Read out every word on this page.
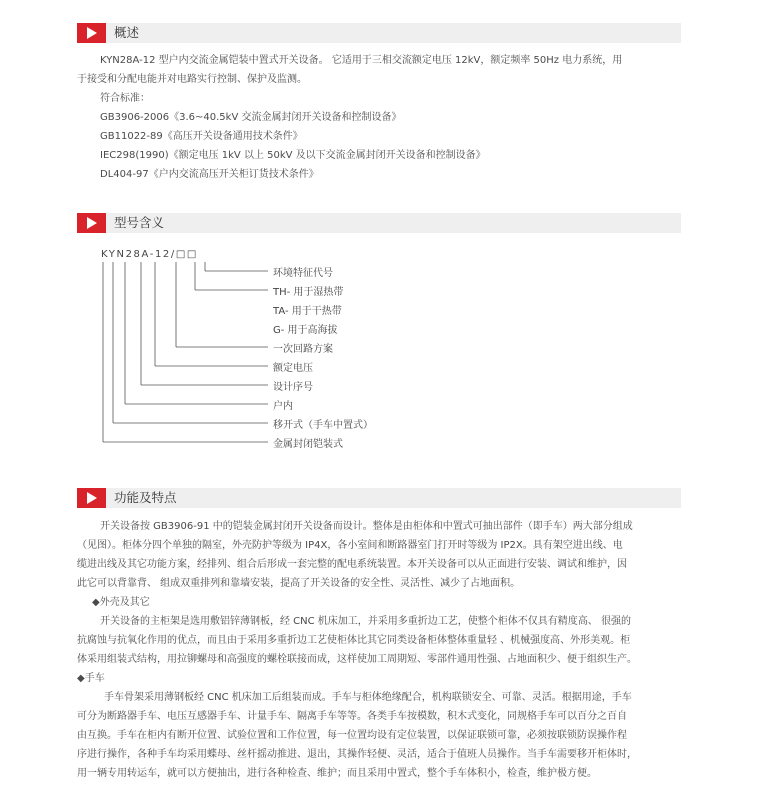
概述
KYN28A-12 型户内交流金属铠装中置式开关设备。 它适用于三相交流额定电压 12kV，额定频率 50Hz 电力系统，用
于接受和分配电能并对电路实行控制、保护及监测。
符合标准：
GB3906-2006《3.6~40.5kV 交流金属封闭开关设备和控制设备》
GB11022-89《高压开关设备通用技术条件》
IEC298(1990)《额定电压 1kV 以上 50kV 及以下交流金属封闭开关设备和控制设备》
DL404-97《户内交流高压开关柜订货技术条件》
型号含义
KYN28A-12/□□
环境特征代号
TH- 用于湿热带
TA- 用于干热带
G- 用于高海拔
一次回路方案
额定电压
设计序号
户内
移开式（手车中置式）
金属封闭铠装式
功能及特点
开关设备按 GB3906-91 中的铠装金属封闭开关设备而设计。整体是由柜体和中置式可抽出部件（即手车）两大部分组成
（见图）。柜体分四个单独的隔室，外壳防护等级为 IP4X，各小室间和断路器室门打开时等级为 IP2X。具有架空进出线、电
缆进出线及其它功能方案，经排列、组合后形成一套完整的配电系统装置。本开关设备可以从正面进行安装、调试和维护，因
此它可以背靠背、 组成双重排列和靠墙安装，提高了开关设备的安全性、灵活性、减少了占地面积。
◆外壳及其它
开关设备的主柜架是选用敷铝锌薄钢板，经 CNC 机床加工，并采用多重折边工艺，使整个柜体不仅具有精度高、 很强的
抗腐蚀与抗氧化作用的优点，而且由于采用多重折边工艺使柜体比其它同类设备柜体整体重量轻 、机械强度高、外形美观。柜
体采用组装式结构，用拉铆螺母和高强度的螺栓联接而成，这样使加工周期短、零部件通用性强、占地面积少、便于组织生产。
◆手车
手车骨架采用薄钢板经 CNC 机床加工后组装而成。手车与柜体绝缘配合，机构联锁安全、可靠、灵活。根据用途，手车
可分为断路器手车、电压互感器手车、计量手车、隔离手车等等。各类手车按模数，积木式变化，同规格手车可以百分之百自
由互换。手车在柜内有断开位置、试验位置和工作位置，每一位置均设有定位装置，以保证联锁可靠，必须按联锁防误操作程
序进行操作，各种手车均采用蝶母、丝杆摇动推进、退出，其操作轻便、灵活，适合于值班人员操作。当手车需要移开柜体时，
用一辆专用转运车，就可以方便抽出，进行各种检查、维护；而且采用中置式，整个手车体积小，检查，维护极方便。
